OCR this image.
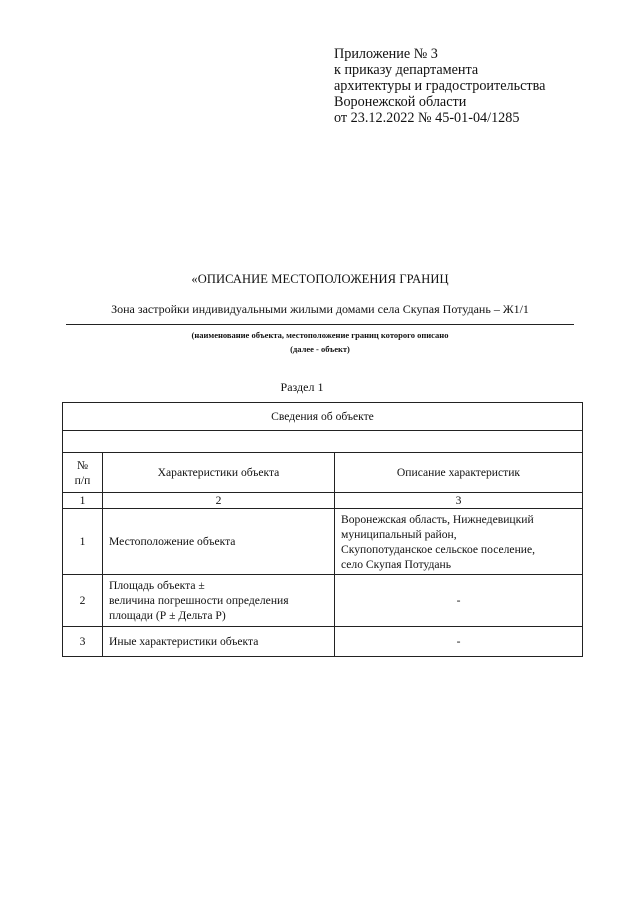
Приложение № 3
к приказу департамента
архитектуры и градостроительства
Воронежской области
от 23.12.2022 № 45-01-04/1285
«ОПИСАНИЕ МЕСТОПОЛОЖЕНИЯ ГРАНИЦ
Зона застройки индивидуальными жилыми домами села Скупая Потудань – Ж1/1
(наименование объекта, местоположение границ которого описано
(далее - объект)
Раздел 1
Сведения об объекте		

№
п/п	Характеристики объекта	Описание характеристик
1	2	3
1	Местоположение объекта	Воронежская область, Нижнедевицкий
муниципальный район,
Скупопотуданское сельское поселение,
село Скупая Потудань

2	Площадь объекта ±
величина погрешности определения
площади (Р ± Дельта Р)	-
3	Иные характеристики объекта	-
